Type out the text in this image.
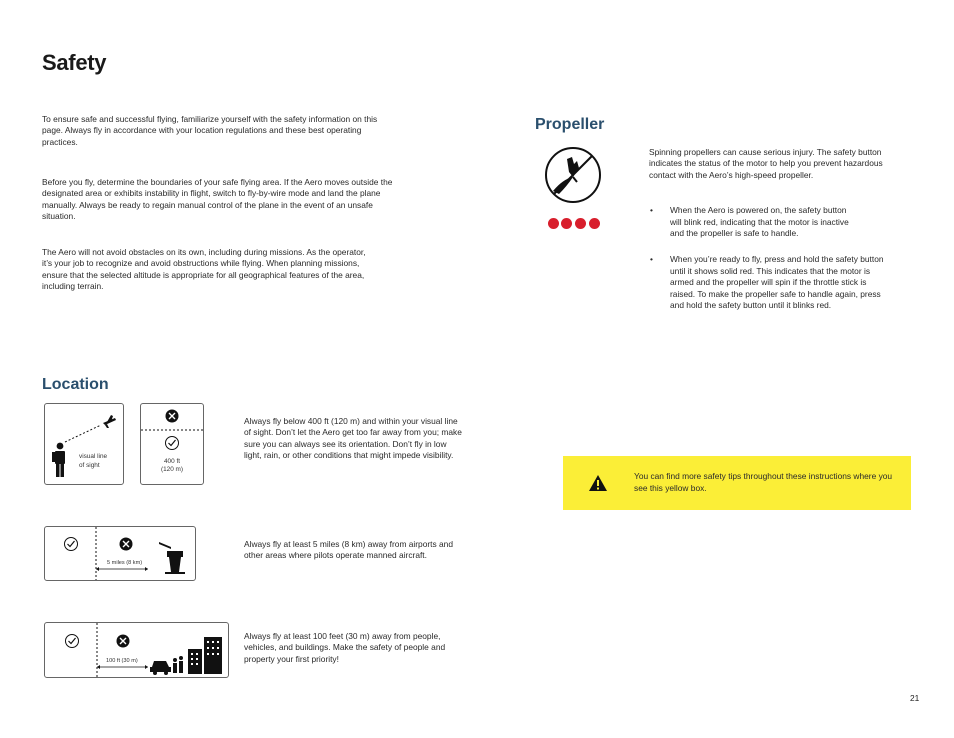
Safety

To ensure safe and successful flying, familiarize yourself with the safety information on this page. Always fly in accordance with your location regulations and these best operating practices.

Before you fly, determine the boundaries of your safe flying area. If the Aero moves outside the designated area or exhibits instability in flight, switch to fly-by-wire mode and land the plane manually. Always be ready to regain manual control of the plane in the event of an unsafe situation.

The Aero will not avoid obstacles on its own, including during missions. As the operator, it’s your job to recognize and avoid obstructions while flying. When planning missions, ensure that the selected altitude is appropriate for all geographical features of the area, including terrain.

Location
visual line
of sight
400 ft
(120 m)

Always fly below 400 ft (120 m) and within your visual line of sight. Don’t let the Aero get too far away from you; make sure you can always see its orientation. Don’t fly in low light, rain, or other conditions that might impede visibility.

5 miles (8 km)

Always fly at least 5 miles (8 km) away from airports and other areas where pilots operate manned aircraft.

100 ft (30 m)

Always fly at least 100 feet (30 m) away from people, vehicles, and buildings. Make the safety of people and property your first priority!

Propeller

Spinning propellers can cause serious injury. The safety button indicates the status of the motor to help you prevent hazardous contact with the Aero’s high-speed propeller.

• When the Aero is powered on, the safety button will blink red, indicating that the motor is inactive and the propeller is safe to handle.
• When you’re ready to fly, press and hold the safety button until it shows solid red. This indicates that the motor is armed and the propeller will spin if the throttle stick is raised. To make the propeller safe to handle again, press and hold the safety button until it blinks red.
You can find more safety tips throughout these instructions where you see this yellow box.
21
